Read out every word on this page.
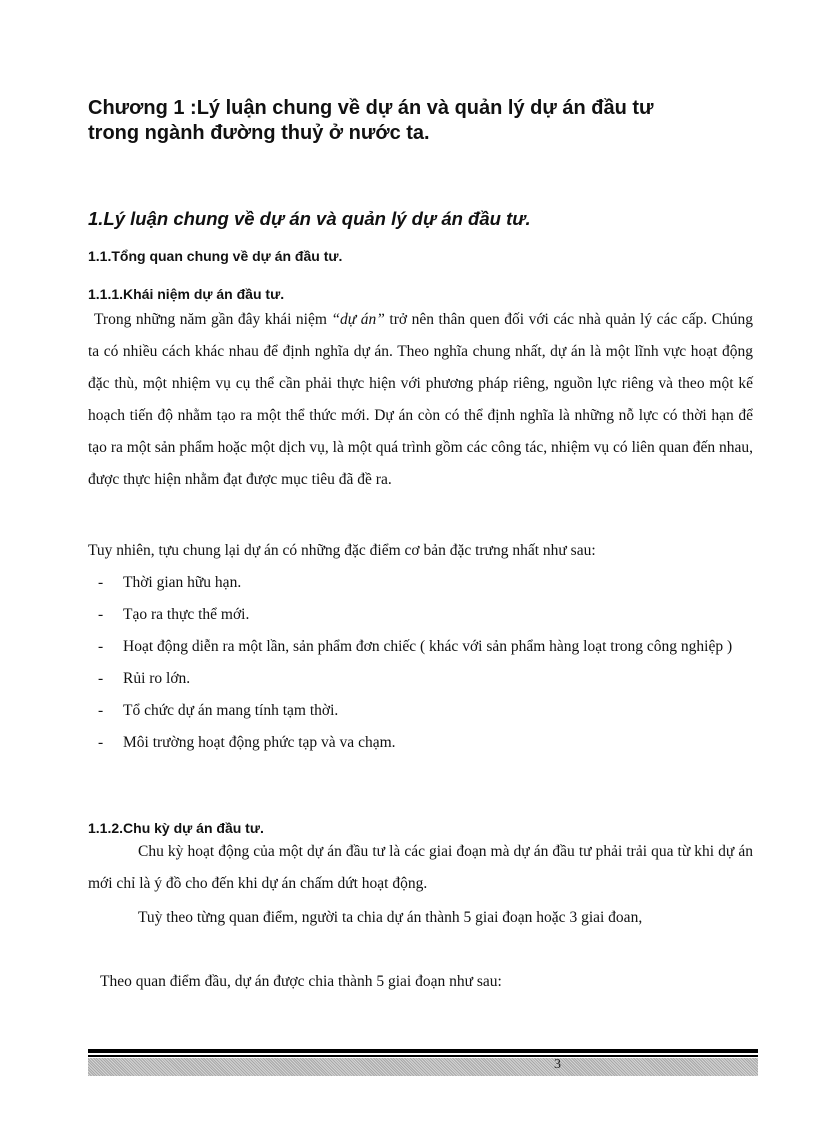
Chương 1 :Lý luận chung về dự án và quản lý dự án đầu tư
trong ngành đường thuỷ ở nước ta.
1.Lý luận chung về dự án và quản lý dự án đầu tư.
1.1.Tổng quan chung về dự án đầu tư.
1.1.1.Khái niệm dự án đầu tư.

Trong những năm gần đây khái niệm “dự án” trở nên thân quen đối với các nhà quản lý các cấp. Chúng ta có nhiều cách khác nhau để định nghĩa dự án. Theo nghĩa chung nhất, dự án là một lĩnh vực hoạt động đặc thù, một nhiệm vụ cụ thể cần phải thực hiện với phương pháp riêng, nguồn lực riêng và theo một kế hoạch tiến độ nhằm tạo ra một thể thức mới. Dự án còn có thể định nghĩa là những nỗ lực có thời hạn để tạo ra một sản phẩm hoặc một dịch vụ, là một quá trình gồm các công tác, nhiệm vụ có liên quan đến nhau, được thực hiện nhằm đạt được mục tiêu đã đề ra.

Tuy nhiên, tựu chung lại dự án có những đặc điểm cơ bản đặc trưng nhất như sau:

- Thời gian hữu hạn.
- Tạo ra thực thể mới.
- Hoạt động diễn ra một lần, sản phẩm đơn chiếc ( khác với sản phẩm hàng loạt trong công nghiệp )
- Rủi ro lớn.
- Tổ chức dự án mang tính tạm thời.
- Môi trường hoạt động phức tạp và va chạm.
1.1.2.Chu kỳ dự án đầu tư.

Chu kỳ hoạt động của một dự án đầu tư là các giai đoạn mà dự án đầu tư phải trải qua từ khi dự án mới chỉ là ý đồ cho đến khi dự án chấm dứt hoạt động.

Tuỳ theo từng quan điểm, người ta chia dự án thành 5 giai đoạn hoặc 3 giai đoan,

Theo quan điểm đầu, dự án được chia thành 5 giai đoạn như sau:

3
